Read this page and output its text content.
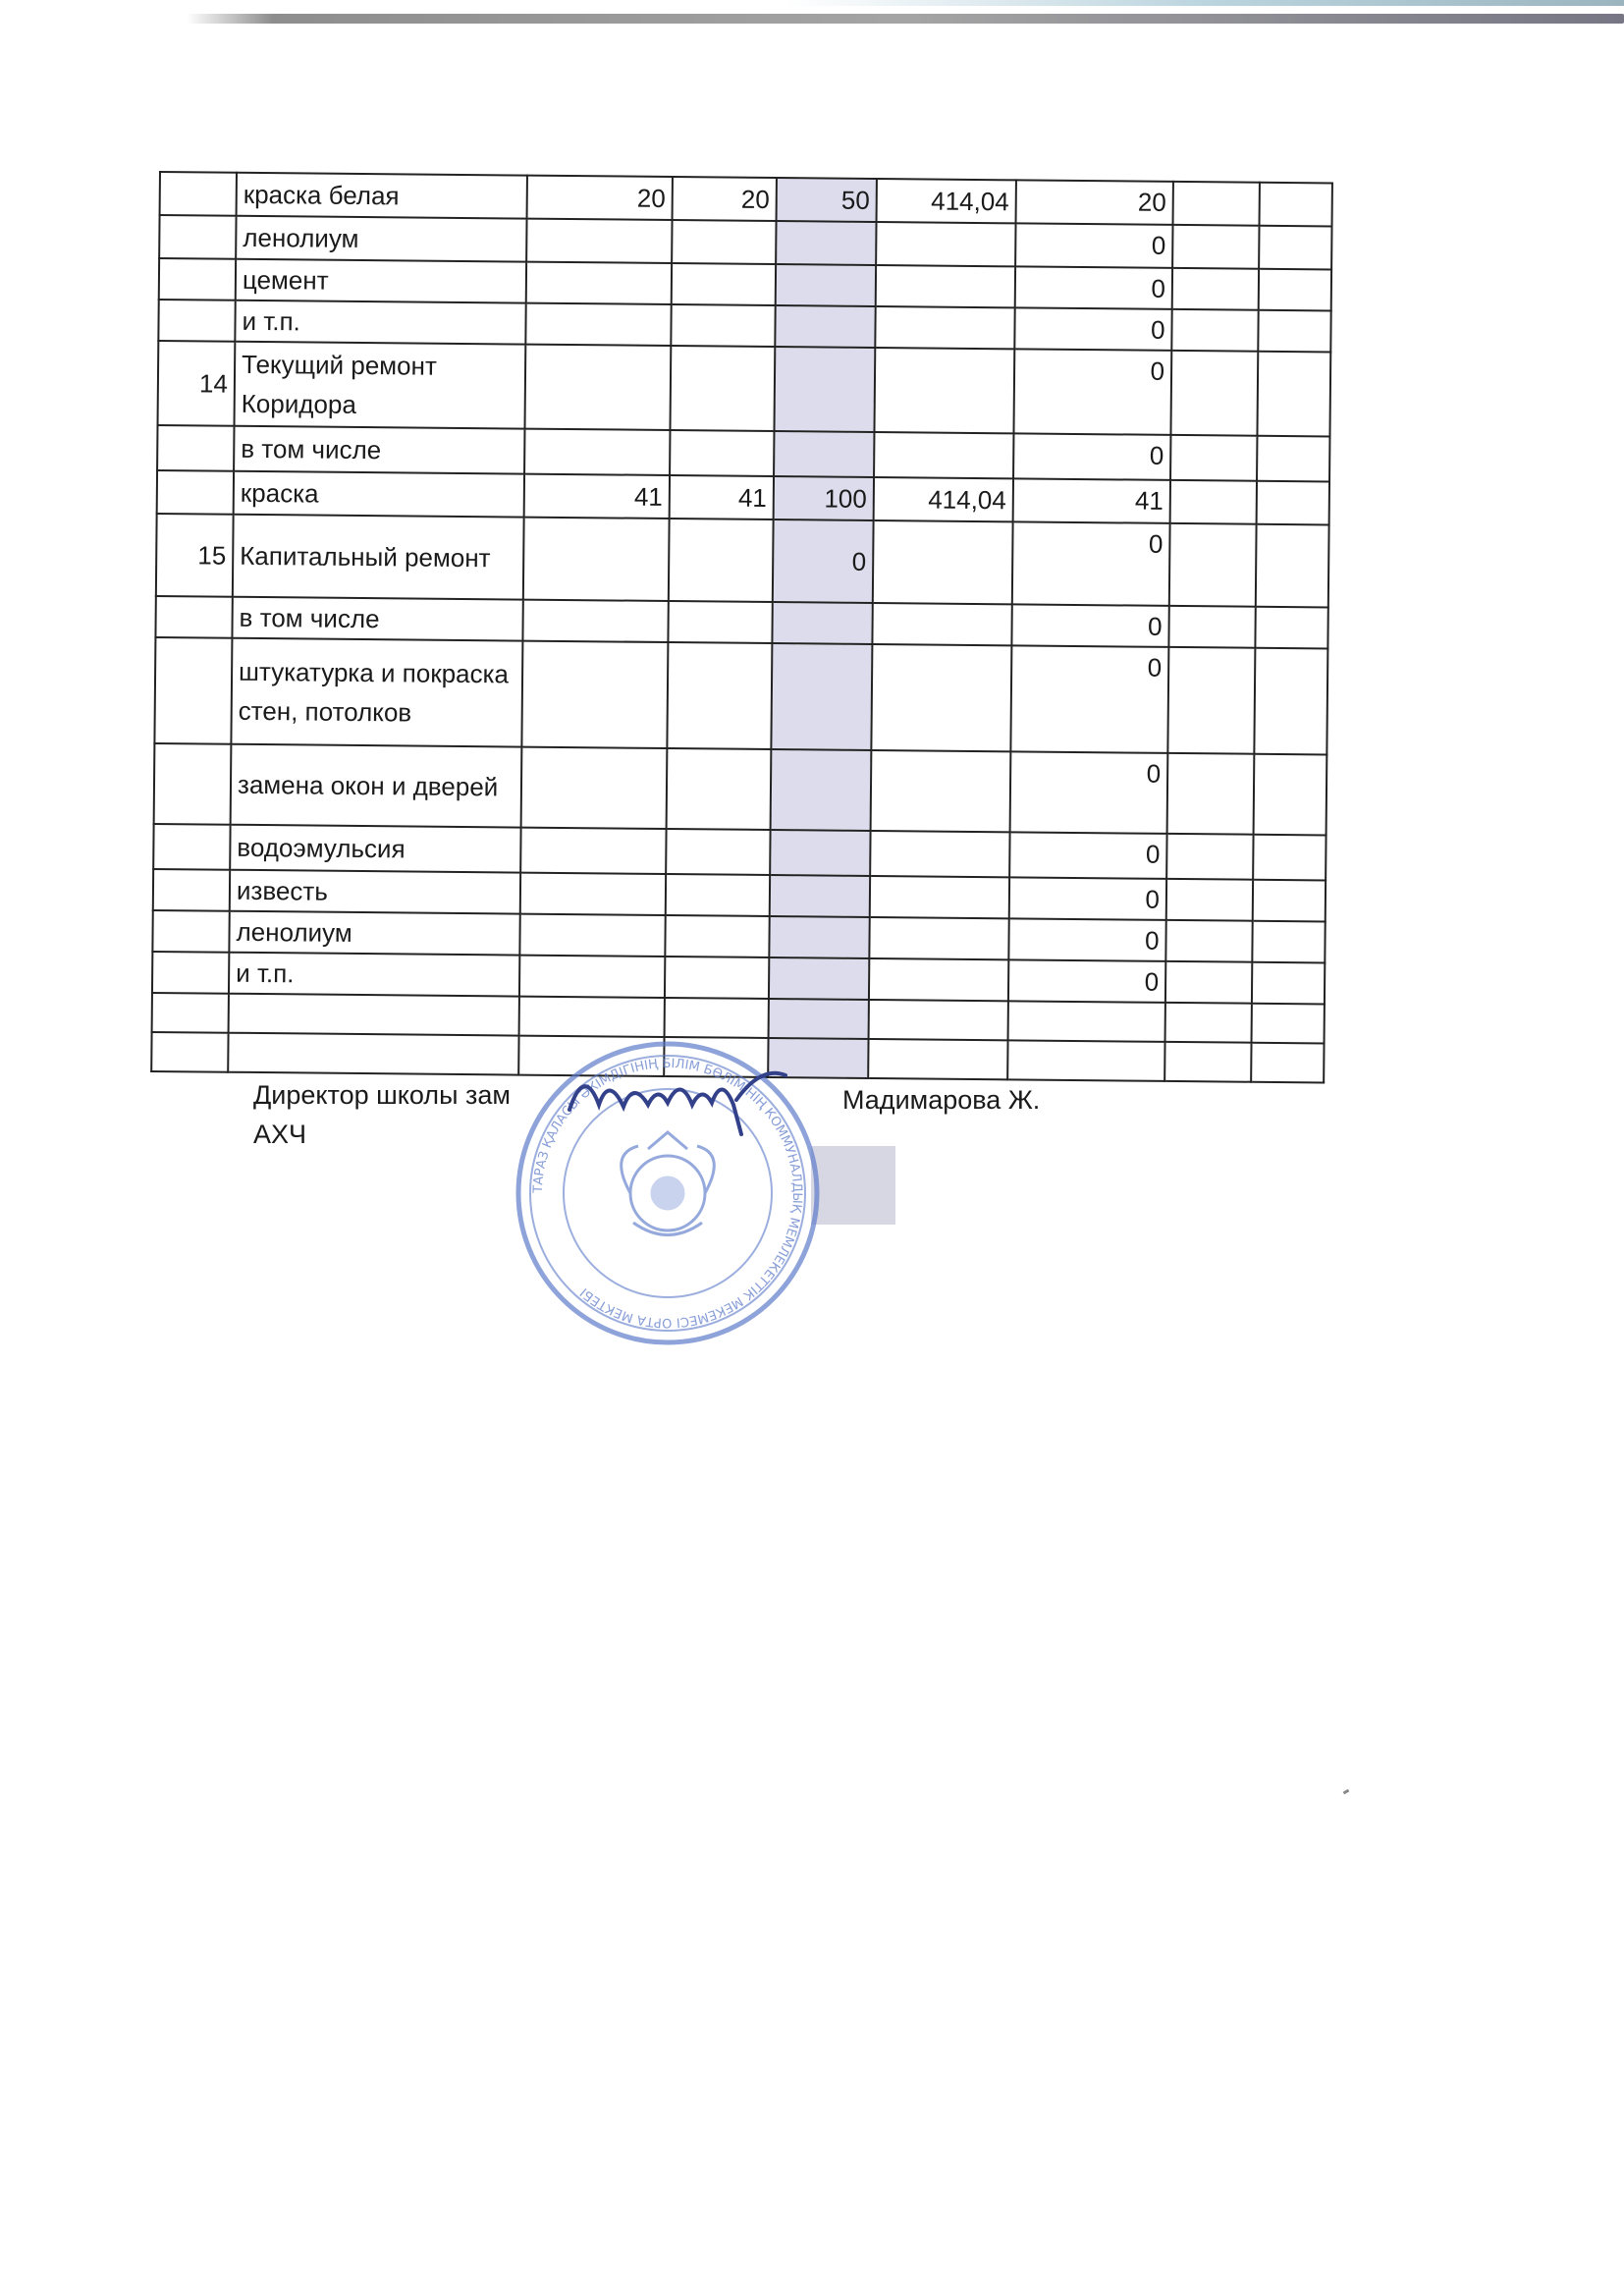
	краска белая	20	20	50	414,04	20		
	ленолиум					0		
	цемент					0		
	и т.п.					0		
14	Текущий ремонт Коридора					0		
	в том числе					0		
	краска	41	41	100	414,04	41		
15	Капитальный ремонт			0		0		
	в том числе					0		
	штукатурка и покраска стен, потолков					0		
	замена окон и дверей					0		
	водоэмульсия					0		
	известь					0		
	ленолиум					0		
	и т.п.					0		

Директор школы зам
АХЧ
Мадимарова Ж.
ТАРАЗ ҚАЛАСЫ ӘКІМДІГІНІҢ БІЛІМ БӨЛІМІНІҢ КОММУНАЛДЫҚ МЕМЛЕКЕТТІК МЕКЕМЕСІ ОРТА МЕКТЕБІ
